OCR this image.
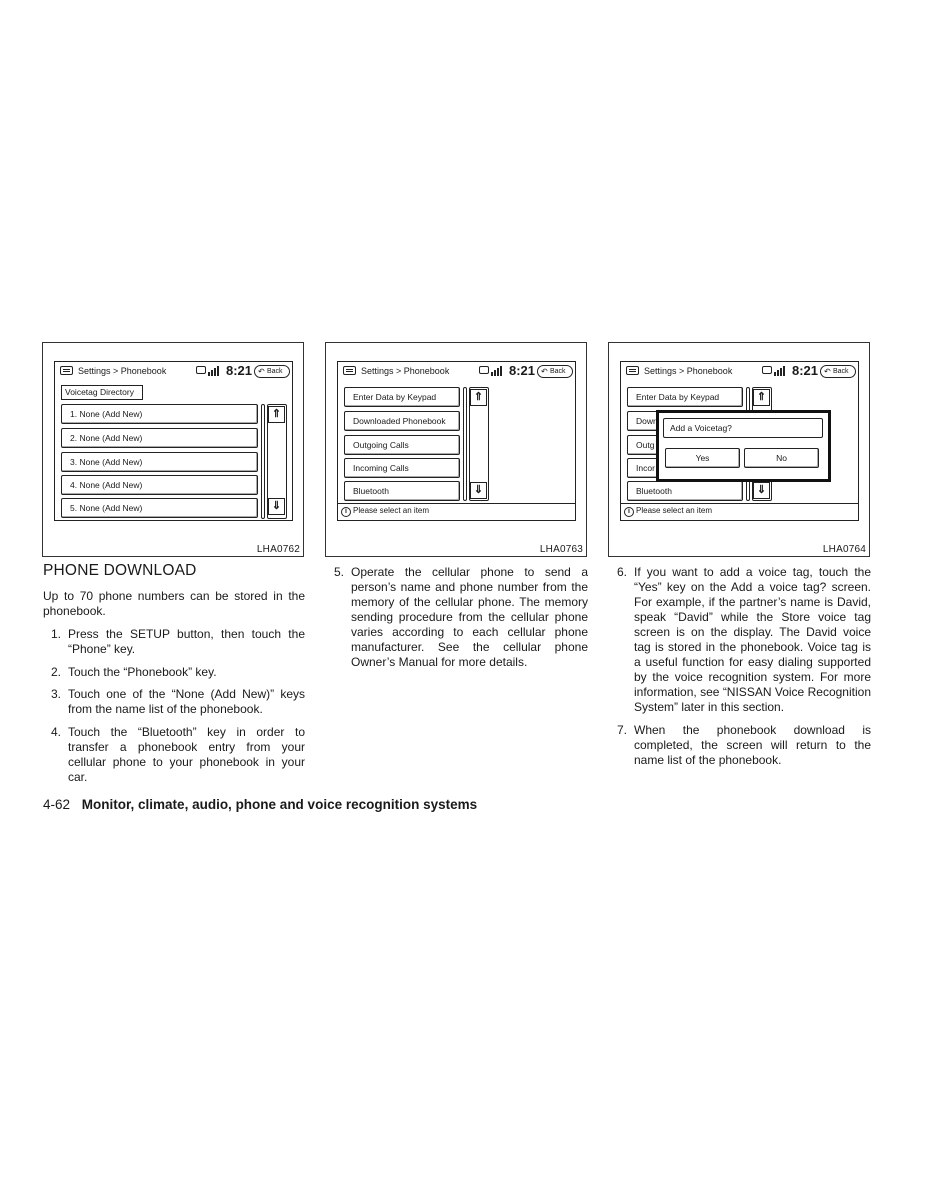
Settings > Phonebook	8:21 ↶ Back
Voicetag Directory
1. None (Add New)
2. None (Add New)
3. None (Add New)
4. None (Add New)
5. None (Add New)
⇑
⇓
LHA0762
Settings > Phonebook	8:21 ↶ Back
Enter Data by Keypad
Downloaded Phonebook
Outgoing Calls
Incoming Calls
Bluetooth
⇑
⇓
i Please select an item
LHA0763
Settings > Phonebook	8:21 ↶ Back
Enter Data by Keypad
Dowr
Outg
Incor
Bluetooth
⇑
⇓
i Please select an item
Add a Voicetag?
Yes	No
LHA0764
PHONE DOWNLOAD
Up to 70 phone numbers can be stored in the phonebook.
1. Press the SETUP button, then touch the “Phone” key.
2. Touch the “Phonebook” key.
3. Touch one of the “None (Add New)” keys from the name list of the phonebook.
4. Touch the “Bluetooth” key in order to transfer a phonebook entry from your cellular phone to your phonebook in your car.
5. Operate the cellular phone to send a person’s name and phone number from the memory of the cellular phone. The memory sending procedure from the cellular phone varies according to each cellular phone manufacturer. See the cellular phone Owner’s Manual for more details.
6. If you want to add a voice tag, touch the “Yes” key on the Add a voice tag? screen. For example, if the partner’s name is David, speak “David” while the Store voice tag screen is on the display. The David voice tag is stored in the phonebook. Voice tag is a useful function for easy dialing supported by the voice recognition system. For more information, see “NISSAN Voice Recognition System” later in this section.
7. When the phonebook download is completed, the screen will return to the name list of the phonebook.
4-62 Monitor, climate, audio, phone and voice recognition systems
